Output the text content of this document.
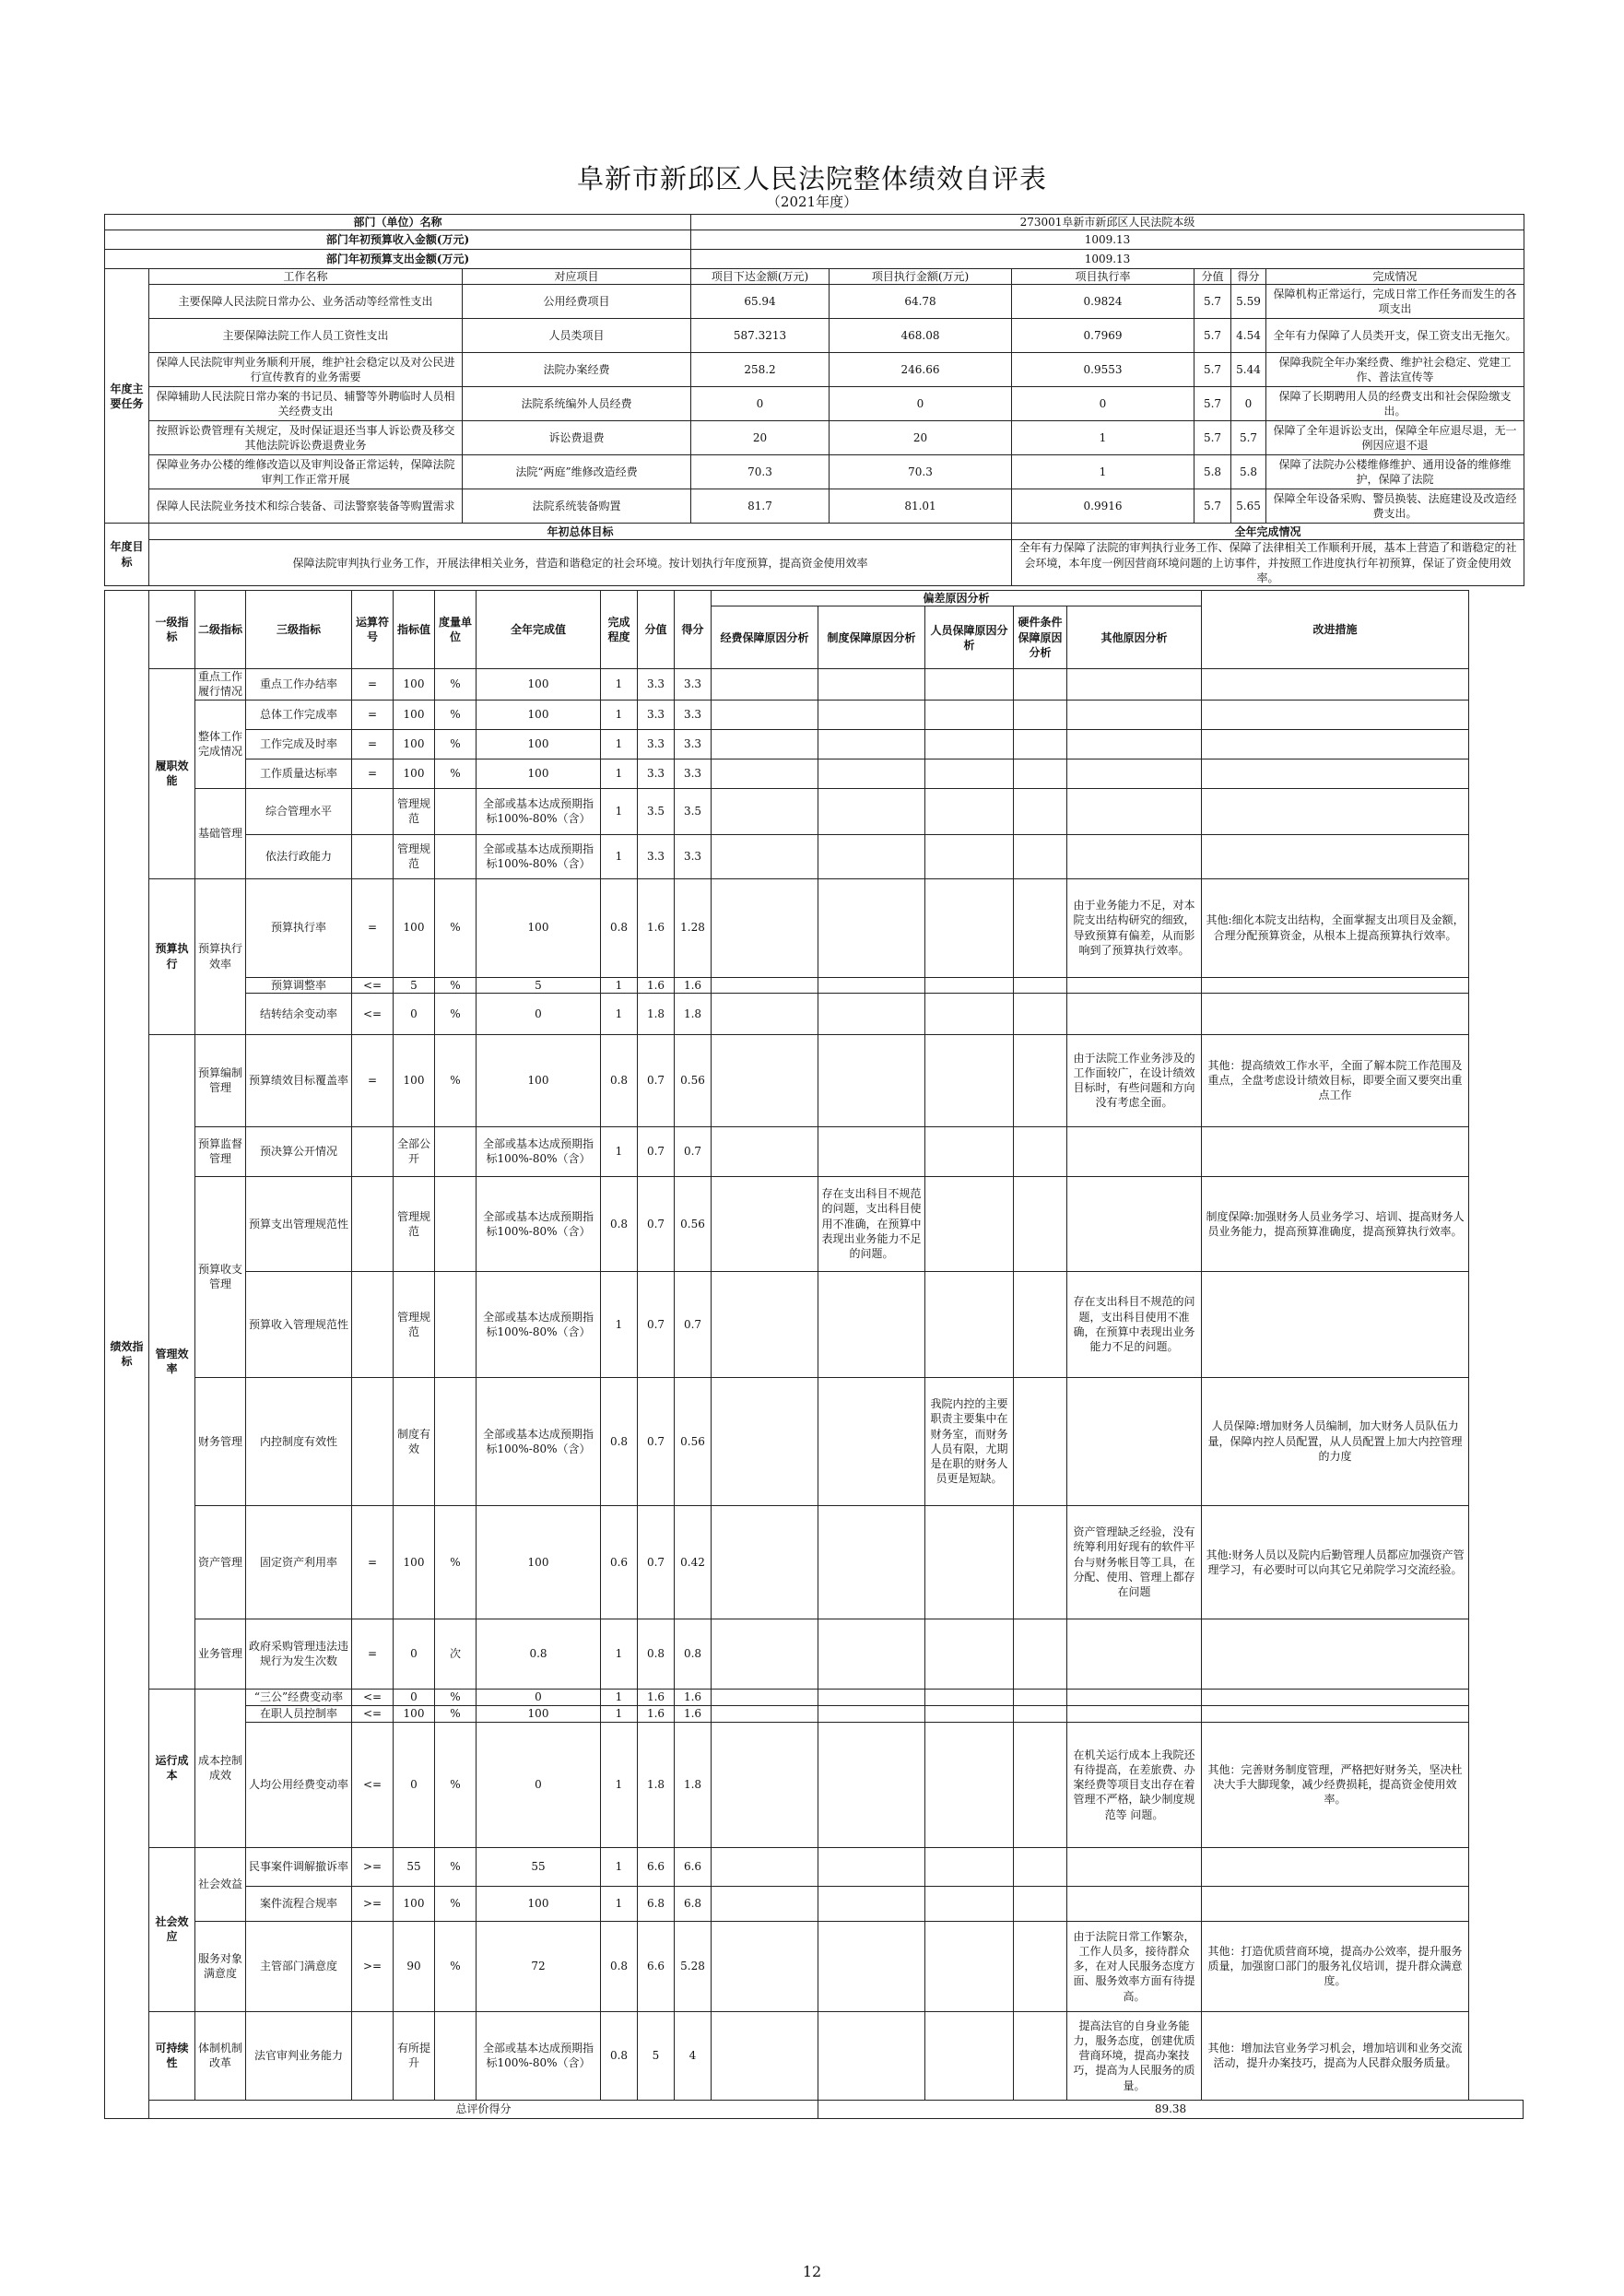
阜新市新邱区人民法院整体绩效自评表
（2021年度）
部门（单位）名称			273001阜新市新邱区人民法院本级					
部门年初预算收入金额(万元)			1009.13					
部门年初预算支出金额(万元)			1009.13					
年度主要任务	工作名称	对应项目	项目下达金额(万元)	项目执行金额(万元)	项目执行率	分值	得分	完成情况
	主要保障人民法院日常办公、业务活动等经常性支出	公用经费项目	65.94	64.78	0.9824	5.7	5.59	保障机构正常运行，完成日常工作任务而发生的各项支出
	主要保障法院工作人员工资性支出	人员类项目	587.3213	468.08	0.7969	5.7	4.54	全年有力保障了人员类开支，保工资支出无拖欠。
	保障人民法院审判业务顺利开展，维护社会稳定以及对公民进行宣传教育的业务需要	法院办案经费	258.2	246.66	0.9553	5.7	5.44	保障我院全年办案经费、维护社会稳定、党建工作、普法宣传等
	保障辅助人民法院日常办案的书记员、辅警等外聘临时人员相关经费支出	法院系统编外人员经费	0	0	0	5.7	0	保障了长期聘用人员的经费支出和社会保险缴支出。
	按照诉讼费管理有关规定，及时保证退还当事人诉讼费及移交其他法院诉讼费退费业务	诉讼费退费	20	20	1	5.7	5.7	保障了全年退诉讼支出，保障全年应退尽退，无一例因应退不退
	保障业务办公楼的维修改造以及审判设备正常运转，保障法院审判工作正常开展	法院“两庭”维修改造经费	70.3	70.3	1	5.8	5.8	保障了法院办公楼维修维护、通用设备的维修维护，保障了法院
	保障人民法院业务技术和综合装备、司法警察装备等购置需求	法院系统装备购置	81.7	81.01	0.9916	5.7	5.65	保障全年设备采购、警员换装、法庭建设及改造经费支出。
年度目标	年初总体目标				全年完成情况			
	保障法院审判执行业务工作，开展法律相关业务，营造和谐稳定的社会环境。按计划执行年度预算，提高资金使用效率				全年有力保障了法院的审判执行业务工作、保障了法律相关工作顺利开展，基本上营造了和谐稳定的社会环境，本年度一例因营商环境问题的上访事件，并按照工作进度执行年初预算，保证了资金使用效率。			
绩效指标	一级指标	二级指标	三级指标	运算符号	指标值	度量单位	全年完成值	完成程度	分值	得分	偏差原因分析					改进措施
											经费保障原因分析	制度保障原因分析	人员保障原因分析	硬件条件保障原因分析	其他原因分析	
	履职效能	重点工作履行情况	重点工作办结率	=	100	%	100	1	3.3	3.3						
		整体工作完成情况	总体工作完成率	=	100	%	100	1	3.3	3.3						
			工作完成及时率	=	100	%	100	1	3.3	3.3						
			工作质量达标率	=	100	%	100	1	3.3	3.3						
		基础管理	综合管理水平		管理规范		全部或基本达成预期指标100%-80%（含）	1	3.5	3.5						
			依法行政能力		管理规范		全部或基本达成预期指标100%-80%（含）	1	3.3	3.3						
	预算执行	预算执行效率	预算执行率	=	100	%	100	0.8	1.6	1.28					由于业务能力不足，对本院支出结构研究的细致，导致预算有偏差，从而影响到了预算执行效率。	其他:细化本院支出结构，全面掌握支出项目及金额，合理分配预算资金，从根本上提高预算执行效率。
			预算调整率	<=	5	%	5	1	1.6	1.6						
			结转结余变动率	<=	0	%	0	1	1.8	1.8						
	管理效率	预算编制管理	预算绩效目标覆盖率	=	100	%	100	0.8	0.7	0.56					由于法院工作业务涉及的工作面较广，在设计绩效目标时，有些问题和方向没有考虑全面。	其他：提高绩效工作水平，全面了解本院工作范围及重点，全盘考虑设计绩效目标，即要全面又要突出重点工作
		预算监督管理	预决算公开情况		全部公开		全部或基本达成预期指标100%-80%（含）	1	0.7	0.7						
		预算收支管理	预算支出管理规范性		管理规范		全部或基本达成预期指标100%-80%（含）	0.8	0.7	0.56		存在支出科目不规范的问题，支出科目使用不准确，在预算中表现出业务能力不足的问题。				制度保障:加强财务人员业务学习、培训、提高财务人员业务能力，提高预算准确度，提高预算执行效率。
			预算收入管理规范性		管理规范		全部或基本达成预期指标100%-80%（含）	1	0.7	0.7					存在支出科目不规范的问题，支出科目使用不准确，在预算中表现出业务能力不足的问题。	
		财务管理	内控制度有效性		制度有效		全部或基本达成预期指标100%-80%（含）	0.8	0.7	0.56			我院内控的主要职责主要集中在财务室，而财务人员有限，尤期是在职的财务人员更是短缺。			人员保障:增加财务人员编制，加大财务人员队伍力量，保障内控人员配置，从人员配置上加大内控管理的力度
		资产管理	固定资产利用率	=	100	%	100	0.6	0.7	0.42					资产管理缺乏经验，没有统筹利用好现有的软件平台与财务帐目等工具，在分配、使用、管理上都存在问题	其他:财务人员以及院内后勤管理人员都应加强资产管理学习，有必要时可以向其它兄弟院学习交流经验。
		业务管理	政府采购管理违法违规行为发生次数	=	0	次	0.8	1	0.8	0.8						
	运行成本	成本控制成效	“三公”经费变动率	<=	0	%	0	1	1.6	1.6						
			在职人员控制率	<=	100	%	100	1	1.6	1.6						
			人均公用经费变动率	<=	0	%	0	1	1.8	1.8					在机关运行成本上我院还有待提高，在差旅费、办案经费等项目支出存在着管理不严格，缺少制度规范等 问题。	其他：完善财务制度管理，严格把好财务关，坚决杜决大手大脚现象，减少经费损耗，提高资金使用效率。
	社会效应	社会效益	民事案件调解撤诉率	>=	55	%	55	1	6.6	6.6						
			案件流程合规率	>=	100	%	100	1	6.8	6.8						
		服务对象满意度	主管部门满意度	>=	90	%	72	0.8	6.6	5.28					由于法院日常工作繁杂，工作人员多，接待群众多，在对人民服务态度方面、服务效率方面有待提高。	其他：打造优质营商环境，提高办公效率，提升服务质量，加强窗口部门的服务礼仪培训，提升群众满意度。
	可持续性	体制机制改革	法官审判业务能力		有所提升		全部或基本达成预期指标100%-80%（含）	0.8	5	4					提高法官的自身业务能力，服务态度，创建优质营商环境，提高办案技巧，提高为人民服务的质量。	其他：增加法官业务学习机会，增加培训和业务交流活动，提升办案技巧，提高为人民群众服务质量。
	总评价得分											89.38				
12
